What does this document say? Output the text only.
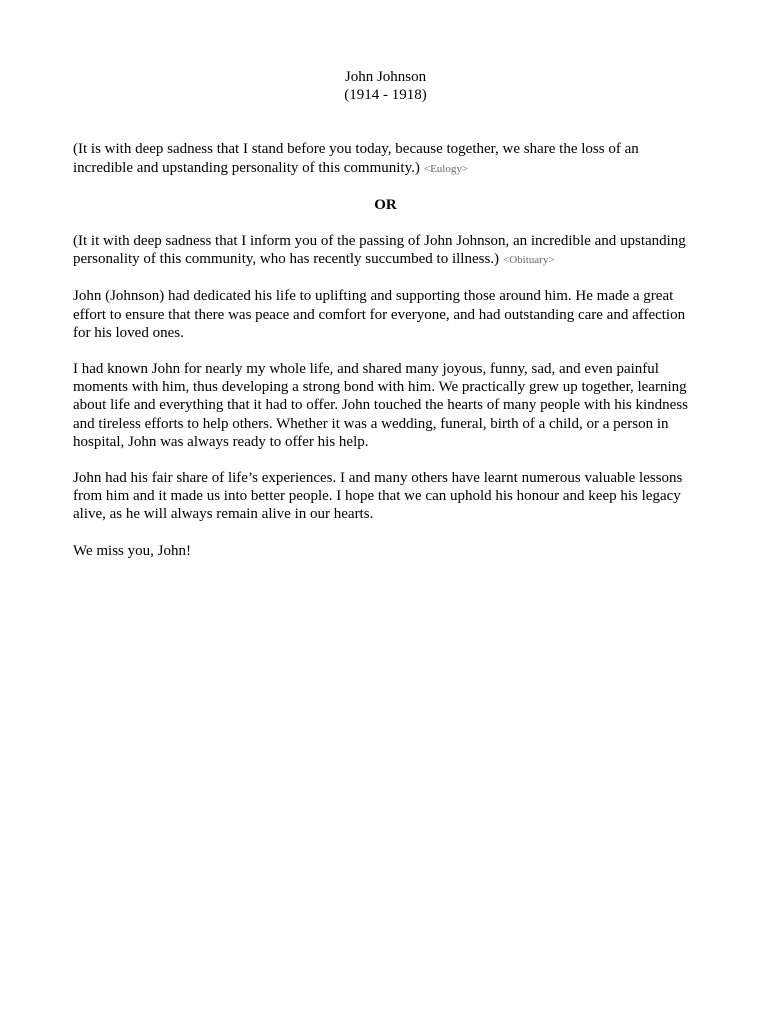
John Johnson
(1914 - 1918)

(It is with deep sadness that I stand before you today, because together, we share the loss of an incredible and upstanding personality of this community.) <Eulogy>

OR

(It it with deep sadness that I inform you of the passing of John Johnson, an incredible and upstanding personality of this community, who has recently succumbed to illness.) <Obituary>

John (Johnson) had dedicated his life to uplifting and supporting those around him. He made a great effort to ensure that there was peace and comfort for everyone, and had outstanding care and affection for his loved ones.

I had known John for nearly my whole life, and shared many joyous, funny, sad, and even painful moments with him, thus developing a strong bond with him. We practically grew up together, learning about life and everything that it had to offer. John touched the hearts of many people with his kindness and tireless efforts to help others. Whether it was a wedding, funeral, birth of a child, or a person in hospital, John was always ready to offer his help.

John had his fair share of life’s experiences. I and many others have learnt numerous valuable lessons from him and it made us into better people. I hope that we can uphold his honour and keep his legacy alive, as he will always remain alive in our hearts.

We miss you, John!
